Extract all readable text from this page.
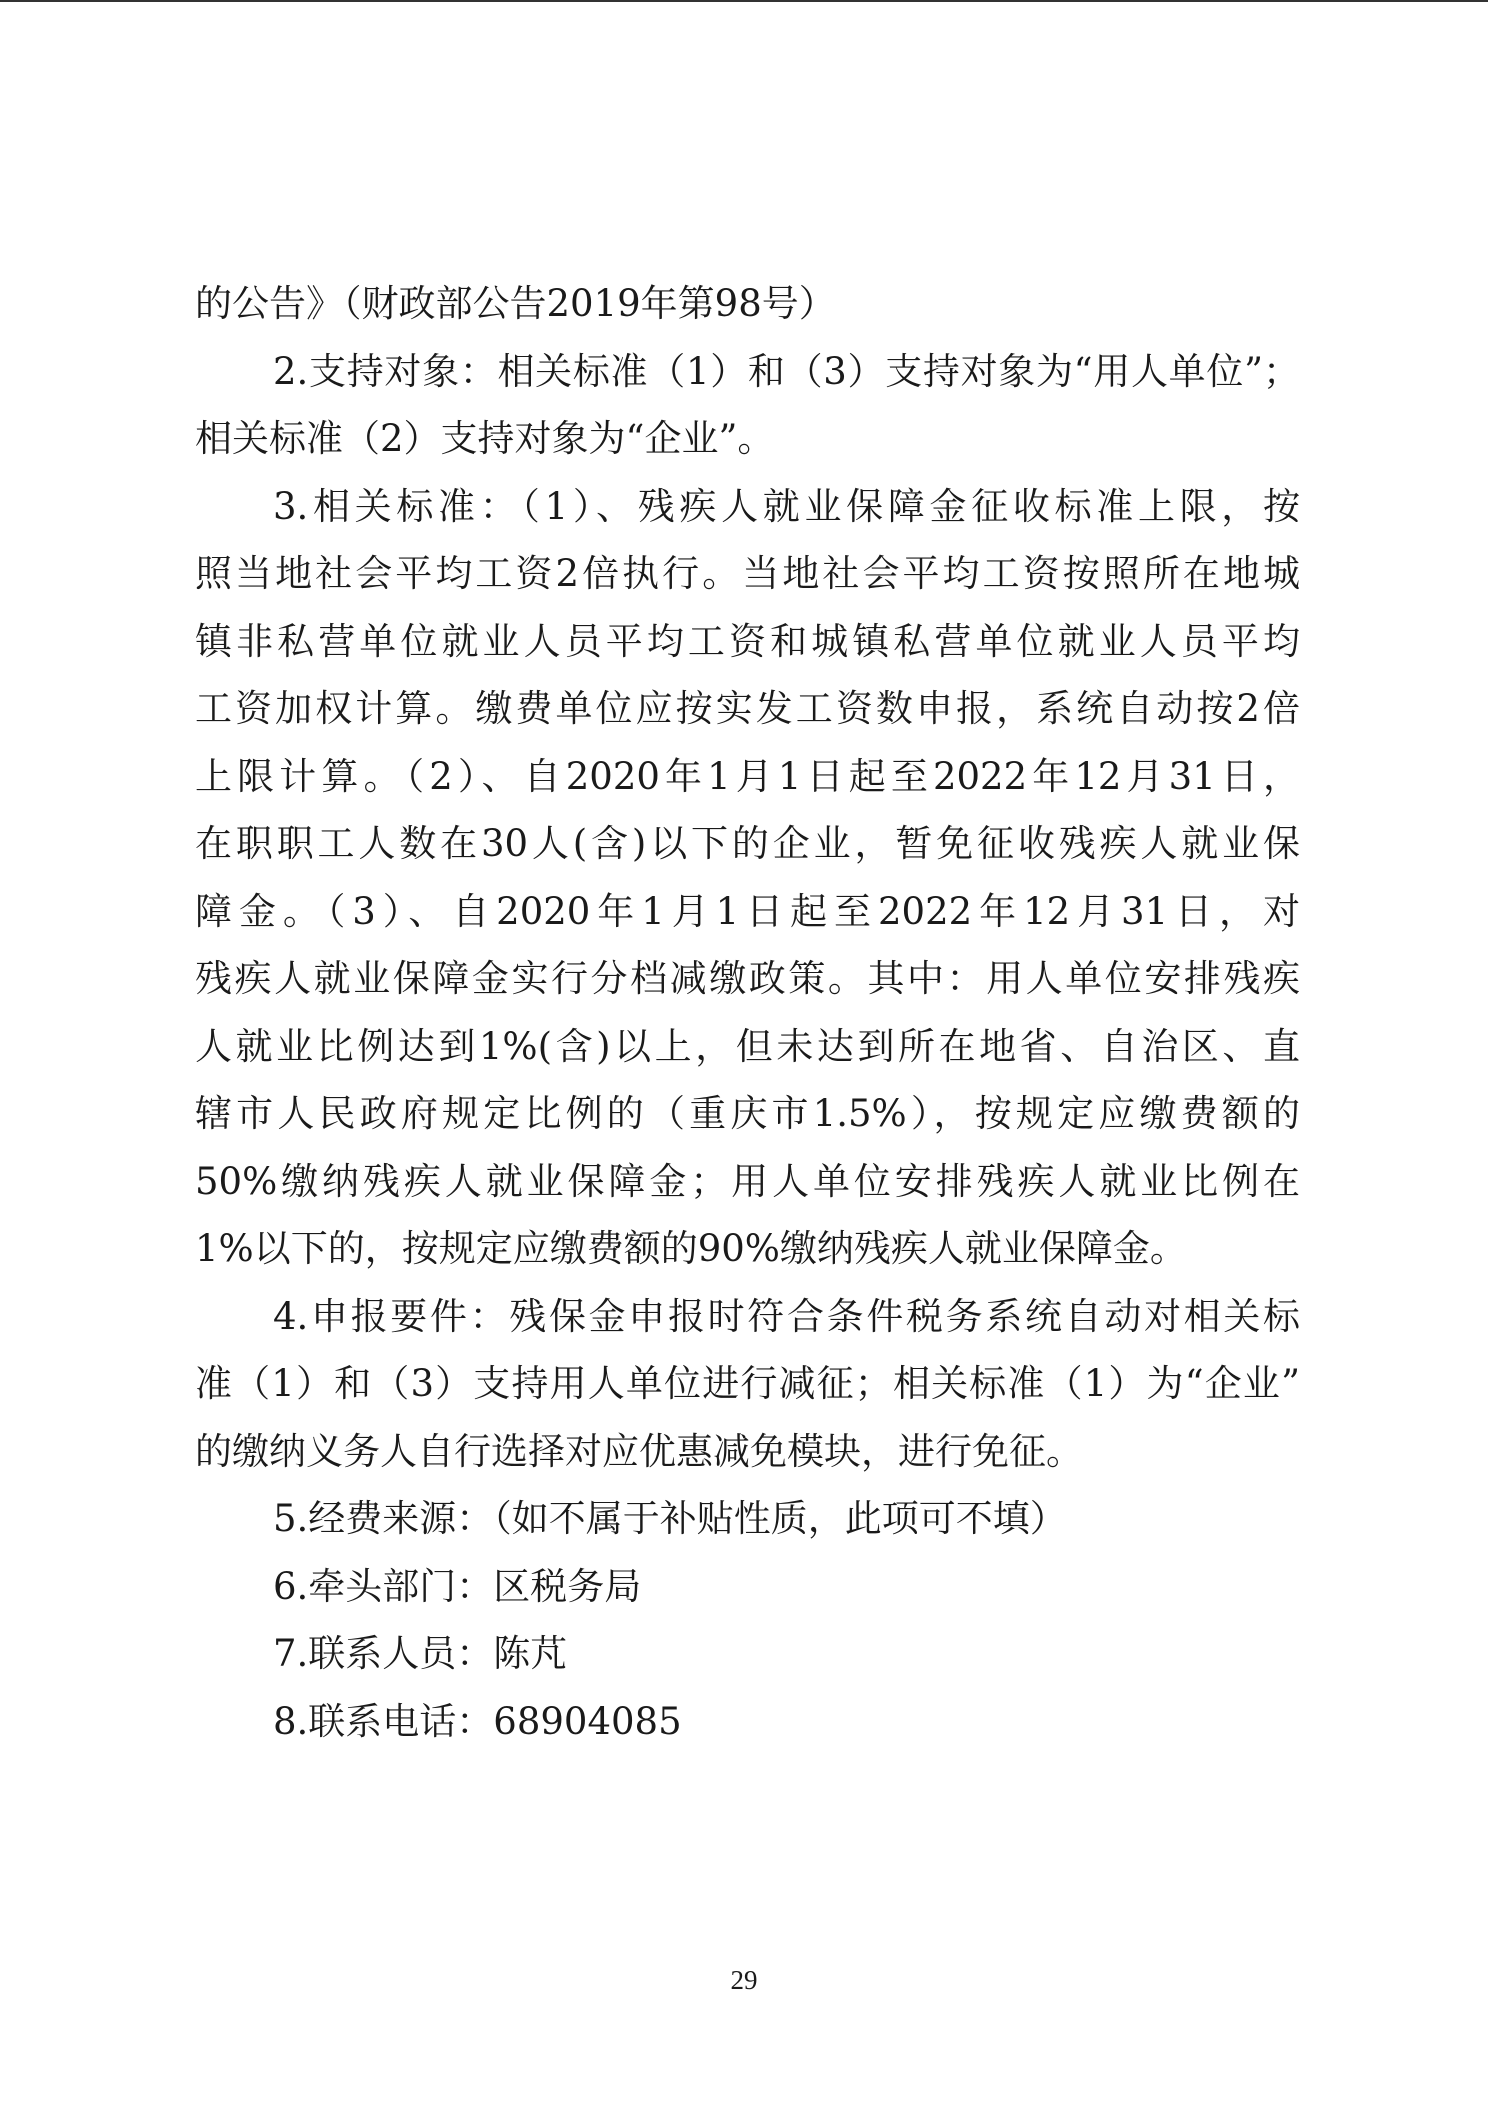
的公告》（财政部公告2019年第98号）
2.支持对象：相关标准（1）和（3）支持对象为“用人单位”；
相关标准（2）支持对象为“企业”。
3.相关标准：（1）、残疾人就业保障金征收标准上限，按
照当地社会平均工资2倍执行。当地社会平均工资按照所在地城
镇非私营单位就业人员平均工资和城镇私营单位就业人员平均
工资加权计算。缴费单位应按实发工资数申报，系统自动按2倍
上限计算。（2）、自2020年1月1日起至2022年12月31日，
在职职工人数在30人(含)以下的企业，暂免征收残疾人就业保
障金。（3）、自2020年1月1日起至2022年12月31日，对
残疾人就业保障金实行分档减缴政策。其中：用人单位安排残疾
人就业比例达到1%(含)以上，但未达到所在地省、自治区、直
辖市人民政府规定比例的（重庆市1.5%），按规定应缴费额的
50%缴纳残疾人就业保障金；用人单位安排残疾人就业比例在
1%以下的，按规定应缴费额的90%缴纳残疾人就业保障金。
4.申报要件：残保金申报时符合条件税务系统自动对相关标
准（1）和（3）支持用人单位进行减征；相关标准（1）为“企业”
的缴纳义务人自行选择对应优惠减免模块，进行免征。
5.经费来源：（如不属于补贴性质，此项可不填）
6.牵头部门：区税务局
7.联系人员：陈芃
8.联系电话：68904085
29
